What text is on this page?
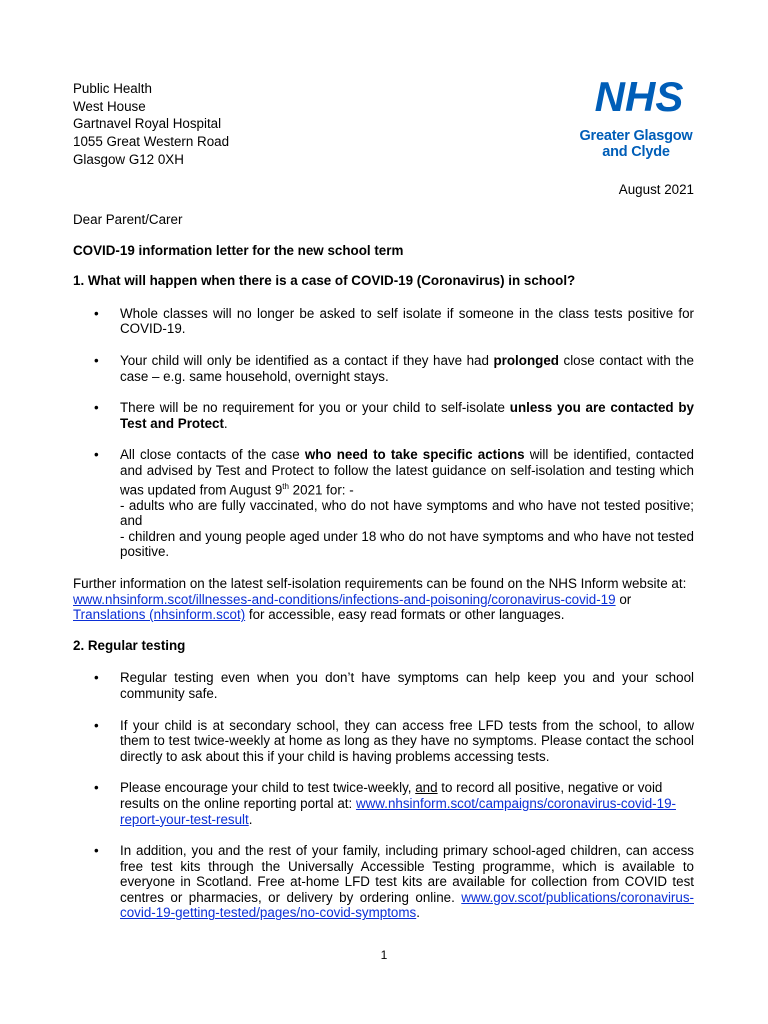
Public Health
West House
Gartnavel Royal Hospital
1055 Great Western Road
Glasgow G12 0XH
NHS
Greater Glasgow
and Clyde
August 2021

Dear Parent/Carer

COVID-19 information letter for the new school term

1. What will happen when there is a case of COVID-19 (Coronavirus) in school?

• Whole classes will no longer be asked to self isolate if someone in the class tests positive for COVID-19.
• Your child will only be identified as a contact if they have had prolonged close contact with the case – e.g. same household, overnight stays.
• There will be no requirement for you or your child to self-isolate unless you are contacted by Test and Protect.
• All close contacts of the case who need to take specific actions will be identified, contacted and advised by Test and Protect to follow the latest guidance on self-isolation and testing which was updated from August 9th 2021 for: -
- adults who are fully vaccinated, who do not have symptoms and who have not tested positive; and
- children and young people aged under 18 who do not have symptoms and who have not tested positive.

Further information on the latest self-isolation requirements can be found on the NHS Inform website at: www.nhsinform.scot/illnesses-and-conditions/infections-and-poisoning/coronavirus-covid-19 or Translations (nhsinform.scot) for accessible, easy read formats or other languages.

2. Regular testing

• Regular testing even when you don’t have symptoms can help keep you and your school community safe.
• If your child is at secondary school, they can access free LFD tests from the school, to allow them to test twice-weekly at home as long as they have no symptoms. Please contact the school directly to ask about this if your child is having problems accessing tests.
• Please encourage your child to test twice-weekly, and to record all positive, negative or void results on the online reporting portal at: www.nhsinform.scot/campaigns/coronavirus-covid-19-report-your-test-result.
• In addition, you and the rest of your family, including primary school-aged children, can access free test kits through the Universally Accessible Testing programme, which is available to everyone in Scotland. Free at-home LFD test kits are available for collection from COVID test centres or pharmacies, or delivery by ordering online. www.gov.scot/publications/coronavirus-covid-19-getting-tested/pages/no-covid-symptoms.
1
